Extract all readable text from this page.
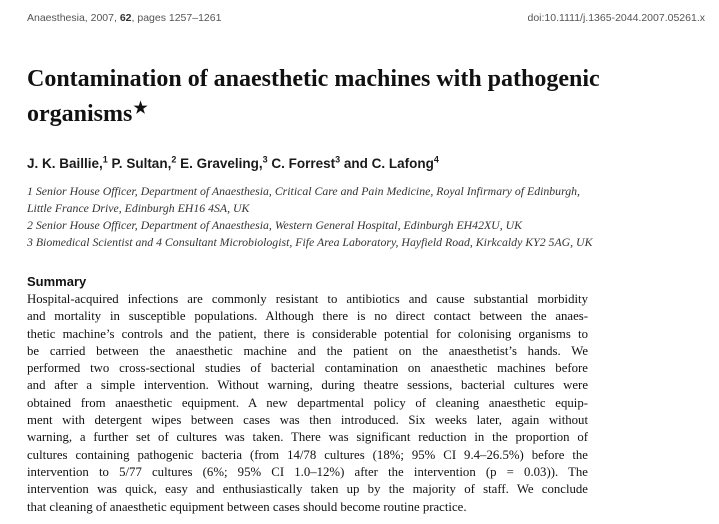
Anaesthesia, 2007, 62, pages 1257–1261	doi:10.1111/j.1365-2044.2007.05261.x
Contamination of anaesthetic machines with pathogenic
organisms★
J. K. Baillie,$^1$ P. Sultan,$^2$ E. Graveling,$^3$ C. Forrest$^3$ and C. Lafong$^4$
1 Senior House Officer, Department of Anaesthesia, Critical Care and Pain Medicine, Royal Infirmary of Edinburgh,
Little France Drive, Edinburgh EH16 4SA, UK
2 Senior House Officer, Department of Anaesthesia, Western General Hospital, Edinburgh EH42XU, UK
3 Biomedical Scientist and 4 Consultant Microbiologist, Fife Area Laboratory, Hayfield Road, Kirkcaldy KY2 5AG, UK
Summary
Hospital-acquired infections are commonly resistant to antibiotics and cause substantial morbidity
and mortality in susceptible populations. Although there is no direct contact between the anaes-
thetic machine’s controls and the patient, there is considerable potential for colonising organisms to
be carried between the anaesthetic machine and the patient on the anaesthetist’s hands. We
performed two cross-sectional studies of bacterial contamination on anaesthetic machines before
and after a simple intervention. Without warning, during theatre sessions, bacterial cultures were
obtained from anaesthetic equipment. A new departmental policy of cleaning anaesthetic equip-
ment with detergent wipes between cases was then introduced. Six weeks later, again without
warning, a further set of cultures was taken. There was significant reduction in the proportion of
cultures containing pathogenic bacteria (from 14/78 cultures (18%; 95% CI 9.4–26.5%) before the
intervention to 5/77 cultures (6%; 95% CI 1.0–12%) after the intervention (p = 0.03)). The
intervention was quick, easy and enthusiastically taken up by the majority of staff. We conclude
that cleaning of anaesthetic equipment between cases should become routine practice.
